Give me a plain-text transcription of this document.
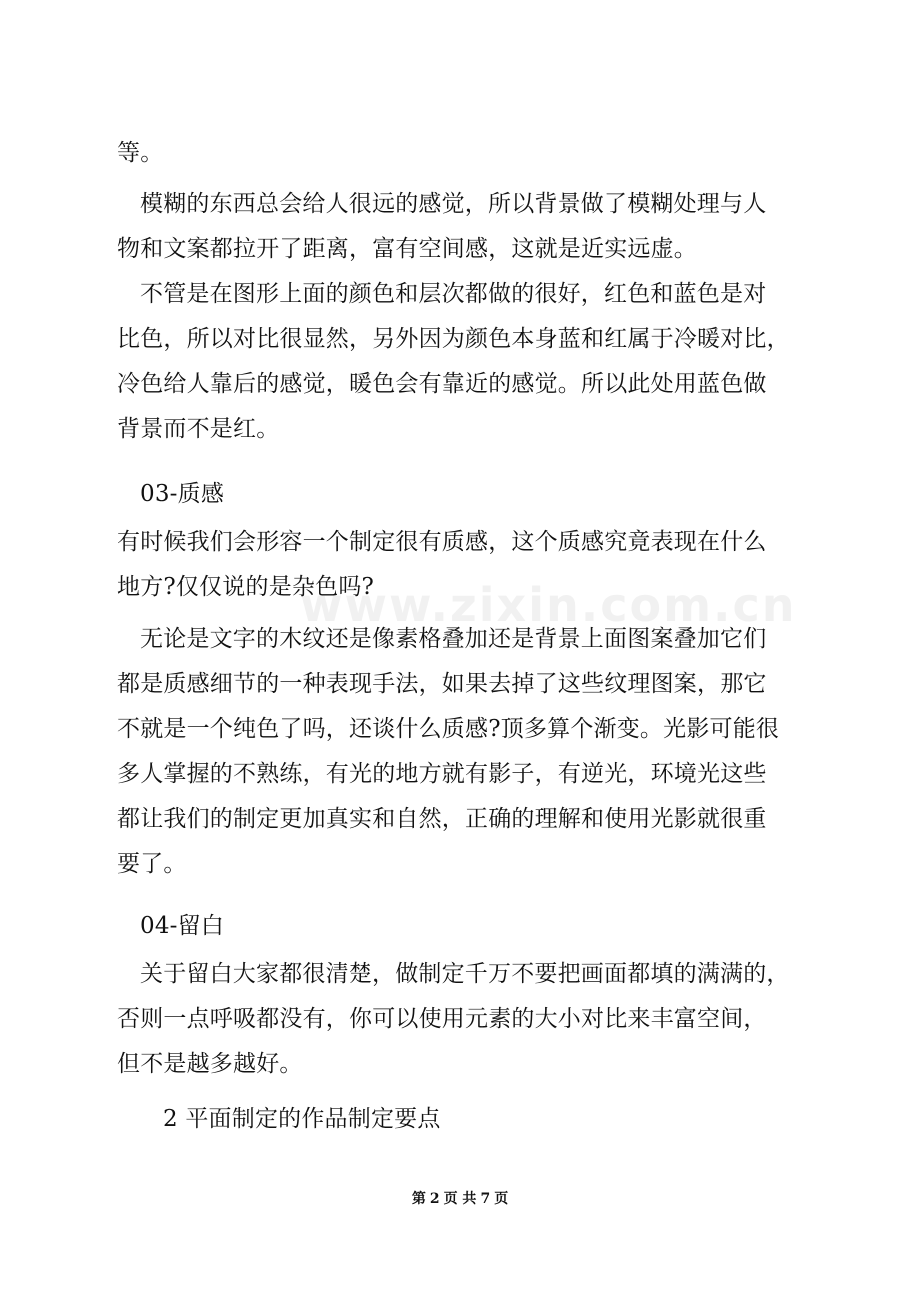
www.zixin.com.cn
等。
模糊的东西总会给人很远的感觉，所以背景做了模糊处理与人
物和文案都拉开了距离，富有空间感，这就是近实远虚。
不管是在图形上面的颜色和层次都做的很好，红色和蓝色是对
比色，所以对比很显然，另外因为颜色本身蓝和红属于冷暖对比，
冷色给人靠后的感觉，暖色会有靠近的感觉。所以此处用蓝色做
背景而不是红。
03-质感
有时候我们会形容一个制定很有质感，这个质感究竟表现在什么
地方?仅仅说的是杂色吗?
无论是文字的木纹还是像素格叠加还是背景上面图案叠加它们
都是质感细节的一种表现手法，如果去掉了这些纹理图案，那它
不就是一个纯色了吗，还谈什么质感?顶多算个渐变。光影可能很
多人掌握的不熟练，有光的地方就有影子，有逆光，环境光这些
都让我们的制定更加真实和自然，正确的理解和使用光影就很重
要了。
04-留白
关于留白大家都很清楚，做制定千万不要把画面都填的满满的，
否则一点呼吸都没有，你可以使用元素的大小对比来丰富空间，
但不是越多越好。
2 平面制定的作品制定要点
第 2 页 共 7 页
